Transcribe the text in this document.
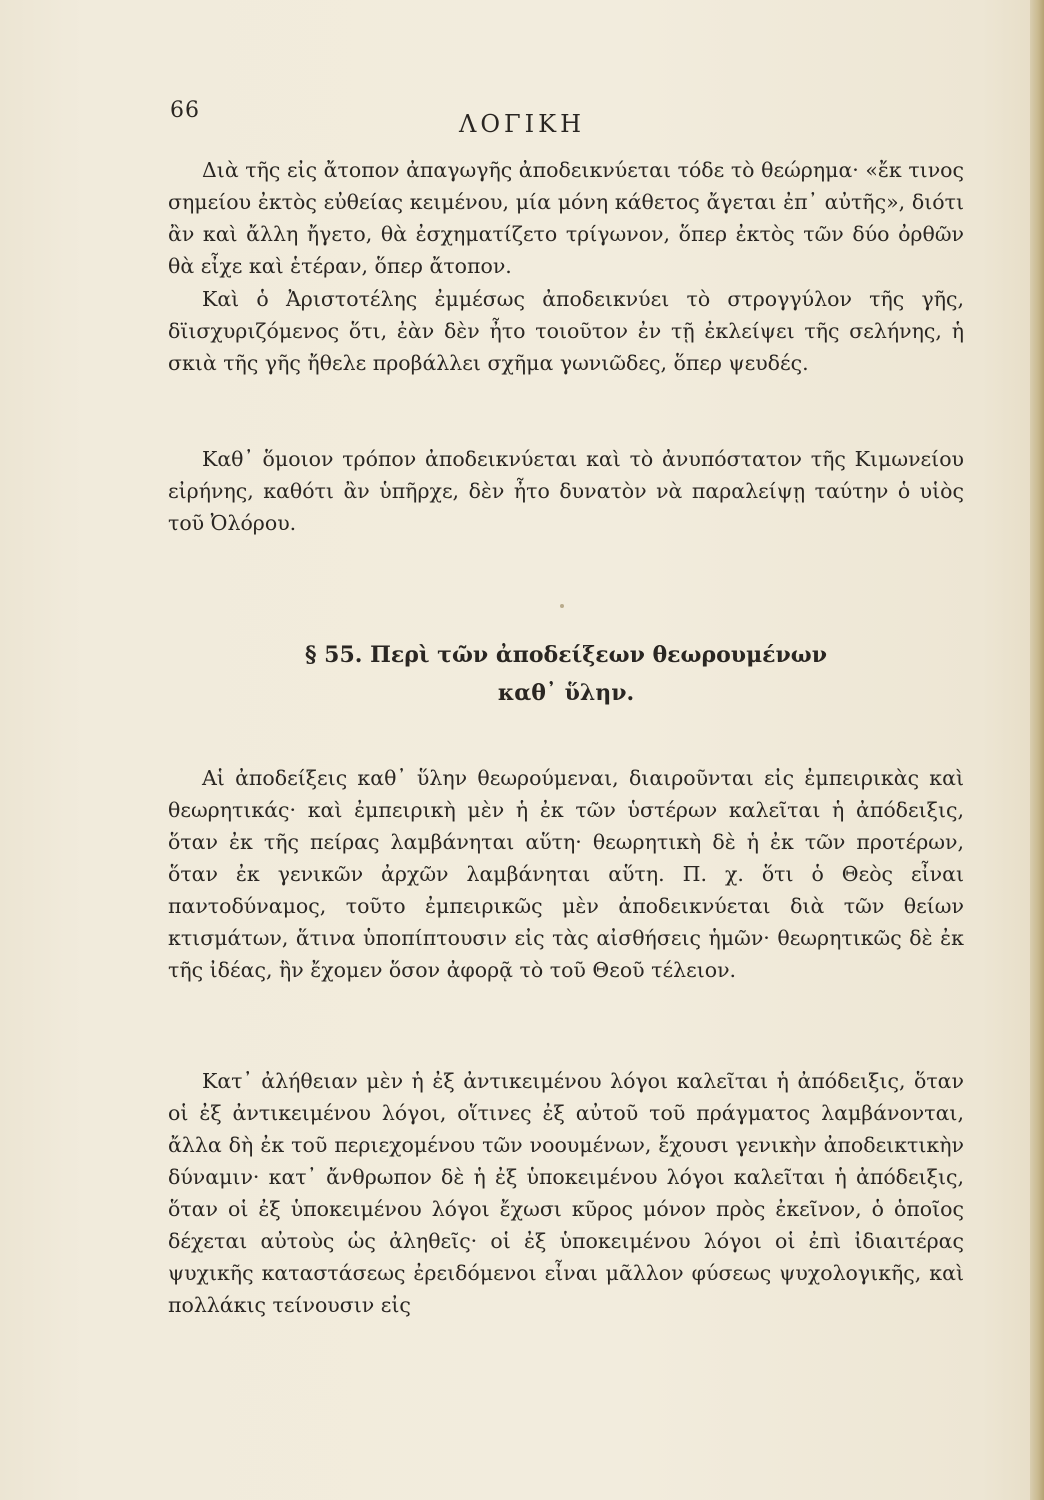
66	ΛΟΓΙΚΗ

Διὰ τῆς εἰς ἄτοπον ἀπαγωγῆς ἀποδεικνύεται τόδε τὸ θεώρημα· «ἔκ τινος σημείου ἐκτὸς εὐθείας κειμένου, μία μόνη κάθετος ἄγεται ἐπ᾽ αὐτῆς», διότι ἂν καὶ ἄλλη ἤγετο, θὰ ἐσχηματίζετο τρίγωνον, ὅπερ ἐκτὸς τῶν δύο ὀρθῶν θὰ εἶχε καὶ ἑτέραν, ὅπερ ἄτοπον.

Καὶ ὁ Ἀριστοτέλης ἐμμέσως ἀποδεικνύει τὸ στρογγύλον τῆς γῆς, δϊισχυριζόμενος ὅτι, ἐὰν δὲν ἦτο τοιοῦτον ἐν τῇ ἐκλείψει τῆς σελήνης, ἡ σκιὰ τῆς γῆς ἤθελε προβάλλει σχῆμα γωνιῶδες, ὅπερ ψευδές.

Καθ᾽ ὅμοιον τρόπον ἀποδεικνύεται καὶ τὸ ἀνυπόστατον τῆς Κιμωνείου εἰρήνης, καθότι ἂν ὑπῆρχε, δὲν ἦτο δυνατὸν νὰ παραλείψῃ ταύτην ὁ υἱὸς τοῦ Ὀλόρου.

§ 55. Περὶ τῶν ἀποδείξεων θεωρουμένων
καθ᾽ ὕλην.

Αἱ ἀποδείξεις καθ᾽ ὕλην θεωρούμεναι, διαιροῦνται εἰς ἐμπειρικὰς καὶ θεωρητικάς· καὶ ἐμπειρικὴ μὲν ἡ ἐκ τῶν ὑστέρων καλεῖται ἡ ἀπόδειξις, ὅταν ἐκ τῆς πείρας λαμβάνηται αὕτη· θεωρητικὴ δὲ ἡ ἐκ τῶν προτέρων, ὅταν ἐκ γενικῶν ἀρχῶν λαμβάνηται αὕτη. Π. χ. ὅτι ὁ Θεὸς εἶναι παντοδύναμος, τοῦτο ἐμπειρικῶς μὲν ἀποδεικνύεται διὰ τῶν θείων κτισμάτων, ἅτινα ὑποπίπτουσιν εἰς τὰς αἰσθήσεις ἡμῶν· θεωρητικῶς δὲ ἐκ τῆς ἰδέας, ἣν ἔχομεν ὅσον ἀφορᾷ τὸ τοῦ Θεοῦ τέλειον.

Κατ᾽ ἀλήθειαν μὲν ἡ ἐξ ἀντικειμένου λόγοι καλεῖται ἡ ἀπόδειξις, ὅταν οἱ ἐξ ἀντικειμένου λόγοι, οἵτινες ἐξ αὐτοῦ τοῦ πράγματος λαμβάνονται, ἄλλα δὴ ἐκ τοῦ περιεχομένου τῶν νοουμένων, ἔχουσι γενικὴν ἀποδεικτικὴν δύναμιν· κατ᾽ ἄνθρωπον δὲ ἡ ἐξ ὑποκειμένου λόγοι καλεῖται ἡ ἀπόδειξις, ὅταν οἱ ἐξ ὑποκειμένου λόγοι ἔχωσι κῦρος μόνον πρὸς ἐκεῖνον, ὁ ὁποῖος δέχεται αὐτοὺς ὡς ἀληθεῖς· οἱ ἐξ ὑποκειμένου λόγοι οἱ ἐπὶ ἰδιαιτέρας ψυχικῆς καταστάσεως ἐρειδόμενοι εἶναι μᾶλλον φύσεως ψυχολογικῆς, καὶ πολλάκις τείνουσιν εἰς
